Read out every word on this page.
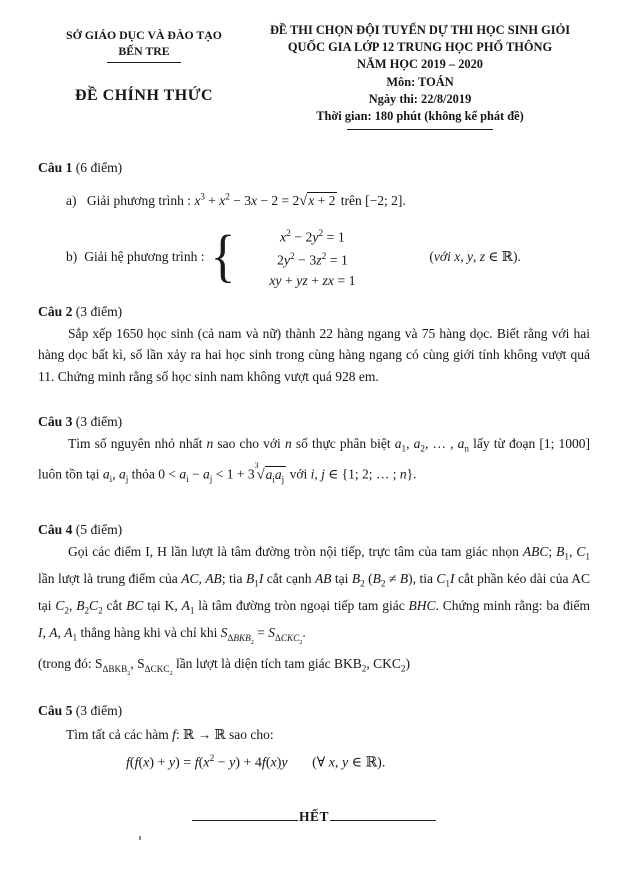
SỞ GIÁO DỤC VÀ ĐÀO TẠO
BẾN TRE
ĐỀ CHÍNH THỨC
ĐỀ THI CHỌN ĐỘI TUYỂN DỰ THI HỌC SINH GIỎI
QUỐC GIA LỚP 12 TRUNG HỌC PHỔ THÔNG
NĂM HỌC 2019 – 2020
Môn: TOÁN
Ngày thi: 22/8/2019
Thời gian: 180 phút (không kể phát đề)
Câu 1 (6 điểm)
a) Giải phương trình : $x^3 + x^2 - 3x - 2 = 2√x + 2$ trên [−2; 2].
b) Giải hệ phương trình : {	$x^2 - 2y^2 = 1$
$2y^2 - 3z^2 = 1$
xy + yz + zx = 1
(với x, y, z ∈ ℝ).
Câu 2 (3 điểm)

Sắp xếp 1650 học sinh (cả nam và nữ) thành 22 hàng ngang và 75 hàng dọc. Biết rằng với hai hàng dọc bất kì, số lần xảy ra hai học sinh trong cùng hàng ngang có cùng giới tính không vượt quá 11. Chứng minh rằng số học sinh nam không vượt quá 928 em.

Câu 3 (3 điểm)

Tìm số nguyên nhỏ nhất n sao cho với n số thực phân biệt $a_1$, $a_2$, … , $a_n$ lấy từ đoạn [1; 1000] luôn tồn tại $a_i$, $a_j$ thỏa $0 < a_i - a_j < 1 + 3^3√a_ia_j$ với i, j ∈ {1; 2; … ; n}.

Câu 4 (5 điểm)

Gọi các điểm I, H lần lượt là tâm đường tròn nội tiếp, trực tâm của tam giác nhọn ABC; $B_1$, $C_1$ lần lượt là trung điểm của AC, AB; tia $B_1I$ cắt cạnh AB tại $B_2$ $(B_2 \ne B)$, tia $C_1I$ cắt phần kéo dài của AC tại $C_2$, $B_2C_2$ cắt BC tại K, $A_1$ là tâm đường tròn ngoại tiếp tam giác BHC. Chứng minh rằng: ba điểm I, A, $A_1$ thẳng hàng khi và chỉ khi $S_{\Delta BKB_2} = S_{\Delta CKC_2}$.

(trong đó: $S_{\Delta BKB_2}$, $S_{\Delta CKC_2}$ lần lượt là diện tích tam giác $BKB_2$, $CKC_2$)

Câu 5 (3 điểm)
Tìm tất cả các hàm f: ℝ → ℝ sao cho:
$f(f(x) + y) = f(x^2 - y) + 4f(x)y$       (∀ x, y ∈ ℝ).
HẾT
